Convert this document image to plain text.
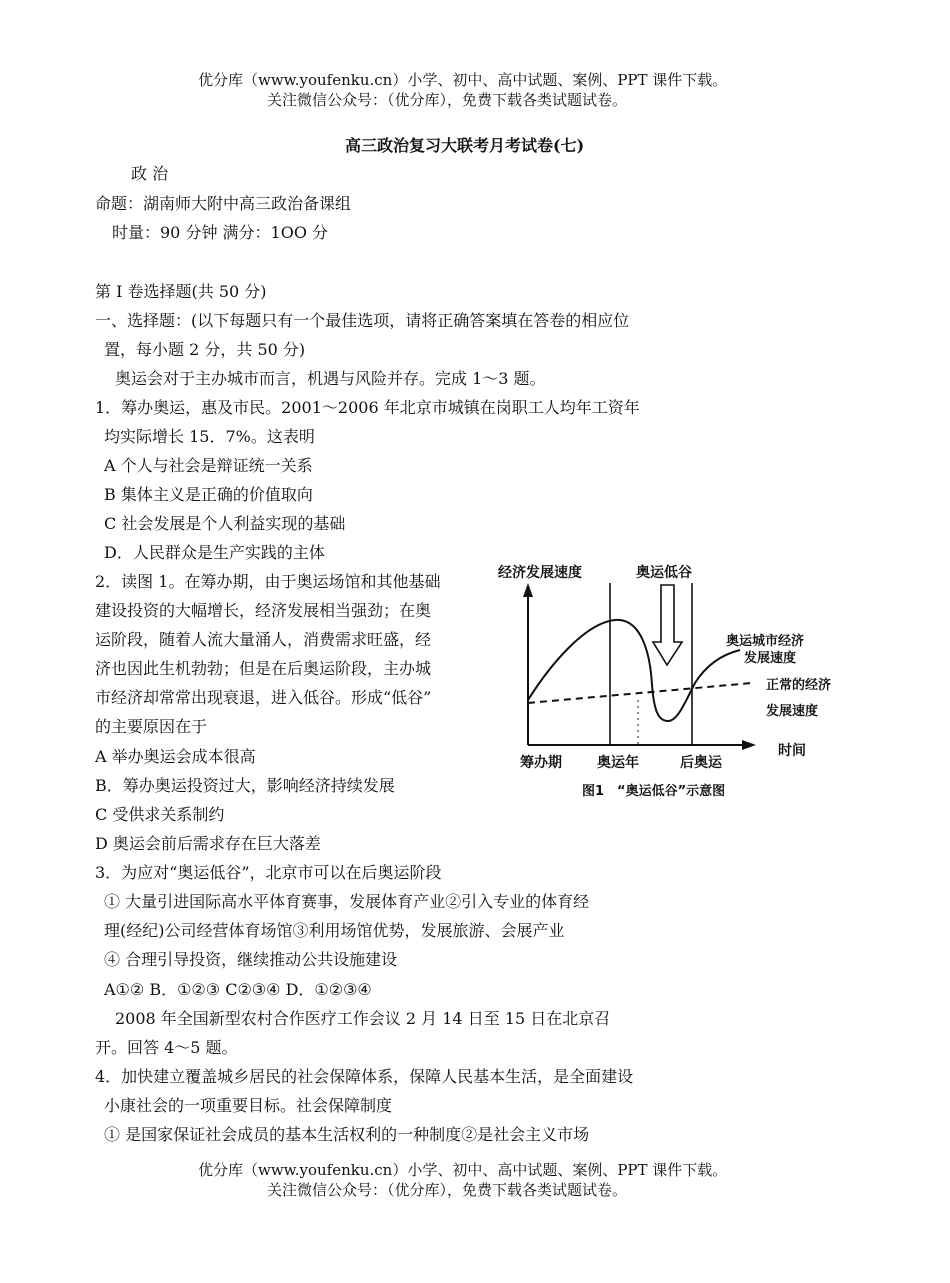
优分库（www.youfenku.cn）小学、初中、高中试题、案例、PPT 课件下载。
关注微信公众号：（优分库），免费下载各类试题试卷。
高三政治复习大联考月考试卷(七)
政 治
命题：湖南师大附中高三政治备课组
时量：90 分钟 满分：1OO 分
第 I 卷选择题(共 50 分)
一、选择题：(以下每题只有一个最佳选项，请将正确答案填在答卷的相应位
置，每小题 2 分，共 50 分)
奥运会对于主办城市而言，机遇与风险并存。完成 1～3 题。
1．筹办奥运，惠及市民。2001～2006 年北京市城镇在岗职工人均年工资年
均实际增长 15．7%。这表明
A 个人与社会是辩证统一关系
B 集体主义是正确的价值取向
C 社会发展是个人利益实现的基础
D．人民群众是生产实践的主体
2．读图 1。在筹办期，由于奥运场馆和其他基础
建设投资的大幅增长，经济发展相当强劲；在奥
运阶段，随着人流大量涌人，消费需求旺盛，经
济也因此生机勃勃；但是在后奥运阶段，主办城
市经济却常常出现衰退，进入低谷。形成“低谷”
的主要原因在于
A 举办奥运会成本很高
B．筹办奥运投资过大，影响经济持续发展
C 受供求关系制约
D 奥运会前后需求存在巨大落差
3．为应对“奥运低谷”，北京市可以在后奥运阶段
① 大量引进国际高水平体育赛事，发展体育产业②引入专业的体育经
理(经纪)公司经营体育场馆③利用场馆优势，发展旅游、会展产业
④ 合理引导投资，继续推动公共设施建设
A①② B．①②③ C②③④ D．①②③④
2008 年全国新型农村合作医疗工作会议 2 月 14 日至 15 日在北京召
开。回答 4～5 题。
4．加快建立覆盖城乡居民的社会保障体系，保障人民基本生活，是全面建设
小康社会的一项重要目标。社会保障制度
① 是国家保证社会成员的基本生活权利的一种制度②是社会主义市场
优分库（www.youfenku.cn）小学、初中、高中试题、案例、PPT 课件下载。
关注微信公众号：（优分库），免费下载各类试题试卷。
经济发展速度	奥运低谷
奥运城市经济
发展速度
正常的经济
发展速度
筹办期	奥运年	后奥运
时间
图1　“奥运低谷”示意图
